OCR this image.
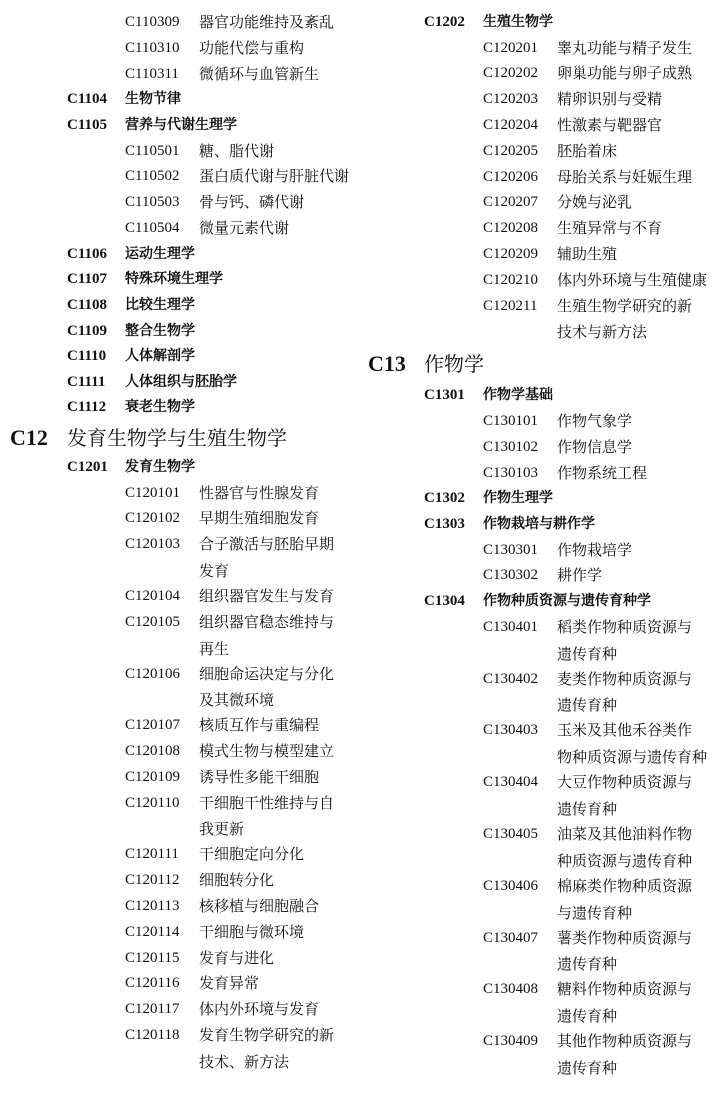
C110309 器官功能维持及紊乱
C110310 功能代偿与重构
C110311 微循环与血管新生
C1104 生物节律
C1105 营养与代谢生理学
C110501 糖、脂代谢
C110502 蛋白质代谢与肝脏代谢
C110503 骨与钙、磷代谢
C110504 微量元素代谢
C1106 运动生理学
C1107 特殊环境生理学
C1108 比较生理学
C1109 整合生物学
C1110 人体解剖学
C1111 人体组织与胚胎学
C1112 衰老生物学
C12 发育生物学与生殖生物学
C1201 发育生物学
C120101 性器官与性腺发育
C120102 早期生殖细胞发育
C120103 合子激活与胚胎早期
发育
C120104 组织器官发生与发育
C120105 组织器官稳态维持与
再生
C120106 细胞命运决定与分化
及其微环境
C120107 核质互作与重编程
C120108 模式生物与模型建立
C120109 诱导性多能干细胞
C120110 干细胞干性维持与自
我更新
C120111 干细胞定向分化
C120112 细胞转分化
C120113 核移植与细胞融合
C120114 干细胞与微环境
C120115 发育与进化
C120116 发育异常
C120117 体内外环境与发育
C120118 发育生物学研究的新
技术、新方法
C1202 生殖生物学
C120201 睾丸功能与精子发生
C120202 卵巢功能与卵子成熟
C120203 精卵识别与受精
C120204 性激素与靶器官
C120205 胚胎着床
C120206 母胎关系与妊娠生理
C120207 分娩与泌乳
C120208 生殖异常与不育
C120209 辅助生殖
C120210 体内外环境与生殖健康
C120211 生殖生物学研究的新
技术与新方法
C13 作物学
C1301 作物学基础
C130101 作物气象学
C130102 作物信息学
C130103 作物系统工程
C1302 作物生理学
C1303 作物栽培与耕作学
C130301 作物栽培学
C130302 耕作学
C1304 作物种质资源与遗传育种学
C130401 稻类作物种质资源与
遗传育种
C130402 麦类作物种质资源与
遗传育种
C130403 玉米及其他禾谷类作
物种质资源与遗传育种
C130404 大豆作物种质资源与
遗传育种
C130405 油菜及其他油料作物
种质资源与遗传育种
C130406 棉麻类作物种质资源
与遗传育种
C130407 薯类作物种质资源与
遗传育种
C130408 糖料作物种质资源与
遗传育种
C130409 其他作物种质资源与
遗传育种
